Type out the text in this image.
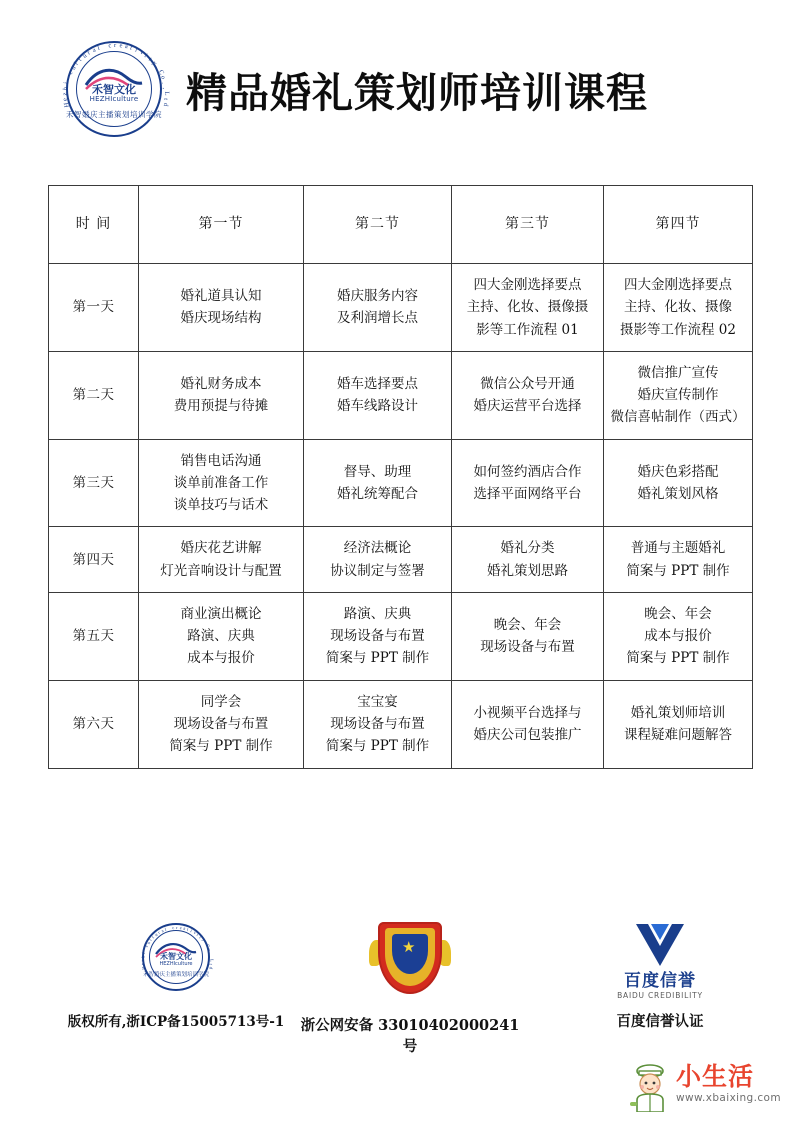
H
e
z
h
i
c
u
l
t
u
r a l c r e a t i v
i
t
y
C
o
.
,
L
t
d
禾智文化
HEZHIculture
禾智婚庆主播策划培训学院 精品婚礼策划师培训课程
时 间	第一节	第二节	第三节	第四节
第一天	
婚礼道具认知
婚庆现场结构

婚庆服务内容
及利润增长点

四大金刚选择要点
主持、化妆、摄像摄
影等工作流程 01

四大金刚选择要点
主持、化妆、摄像
摄影等工作流程 02

第二天	
婚礼财务成本
费用预提与待摊

婚车选择要点
婚车线路设计

微信公众号开通
婚庆运营平台选择

微信推广宣传
婚庆宣传制作
微信喜帖制作（西式）

第三天	
销售电话沟通
谈单前准备工作
谈单技巧与话术

督导、助理
婚礼统筹配合

如何签约酒店合作
选择平面网络平台

婚庆色彩搭配
婚礼策划风格

第四天	
婚庆花艺讲解
灯光音响设计与配置

经济法概论
协议制定与签署

婚礼分类
婚礼策划思路

普通与主题婚礼
简案与 PPT 制作

第五天	
商业演出概论
路演、庆典
成本与报价

路演、庆典
现场设备与布置
简案与 PPT 制作

晚会、年会
现场设备与布置

晚会、年会
成本与报价
简案与 PPT 制作

第六天	
同学会
现场设备与布置
简案与 PPT 制作

宝宝宴
现场设备与布置
简案与 PPT 制作

小视频平台选择与
婚庆公司包装推广

婚礼策划师培训
课程疑难问题解答
H
e
z
h
i
c
u
l
t
u
r a l c r e a t i v
i
t
y
C
o
.
,
L
t
d
禾智文化
HEZHIculture
禾智婚庆主播策划培训学院
版权所有,浙ICP备15005713号-1
★
浙公网安备 33010402000241号
百度信誉
BAIDU CREDIBILITY
百度信誉认证
小生活
www.xbaixing.com
